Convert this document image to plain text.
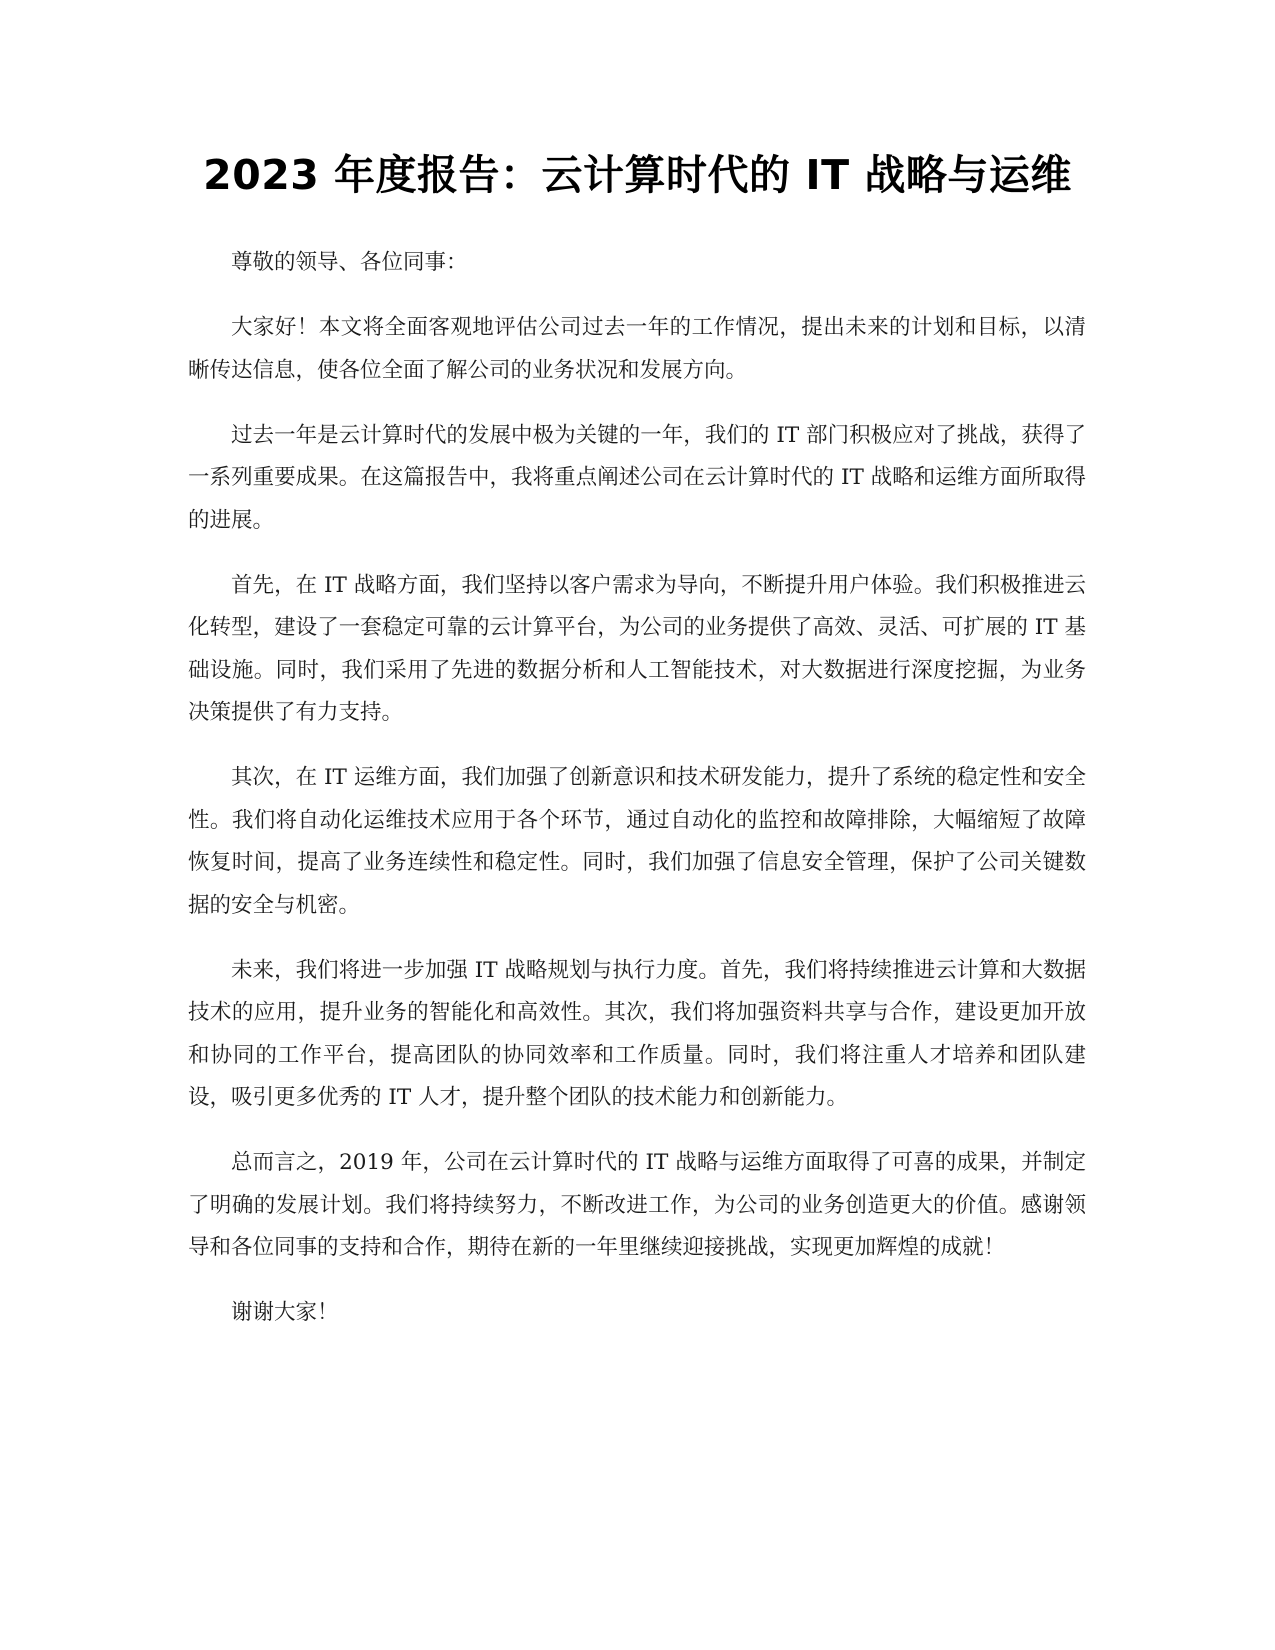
2023 年度报告：云计算时代的 IT 战略与运维

尊敬的领导、各位同事：

大家好！本文将全面客观地评估公司过去一年的工作情况，提出未来的计划和目标，以清晰传达信息，使各位全面了解公司的业务状况和发展方向。

过去一年是云计算时代的发展中极为关键的一年，我们的 IT 部门积极应对了挑战，获得了一系列重要成果。在这篇报告中，我将重点阐述公司在云计算时代的 IT 战略和运维方面所取得的进展。

首先，在 IT 战略方面，我们坚持以客户需求为导向，不断提升用户体验。我们积极推进云化转型，建设了一套稳定可靠的云计算平台，为公司的业务提供了高效、灵活、可扩展的 IT 基础设施。同时，我们采用了先进的数据分析和人工智能技术，对大数据进行深度挖掘，为业务决策提供了有力支持。

其次，在 IT 运维方面，我们加强了创新意识和技术研发能力，提升了系统的稳定性和安全性。我们将自动化运维技术应用于各个环节，通过自动化的监控和故障排除，大幅缩短了故障恢复时间，提高了业务连续性和稳定性。同时，我们加强了信息安全管理，保护了公司关键数据的安全与机密。

未来，我们将进一步加强 IT 战略规划与执行力度。首先，我们将持续推进云计算和大数据技术的应用，提升业务的智能化和高效性。其次，我们将加强资料共享与合作，建设更加开放和协同的工作平台，提高团队的协同效率和工作质量。同时，我们将注重人才培养和团队建设，吸引更多优秀的 IT 人才，提升整个团队的技术能力和创新能力。

总而言之，2019 年，公司在云计算时代的 IT 战略与运维方面取得了可喜的成果，并制定了明确的发展计划。我们将持续努力，不断改进工作，为公司的业务创造更大的价值。感谢领导和各位同事的支持和合作，期待在新的一年里继续迎接挑战，实现更加辉煌的成就！

谢谢大家！
